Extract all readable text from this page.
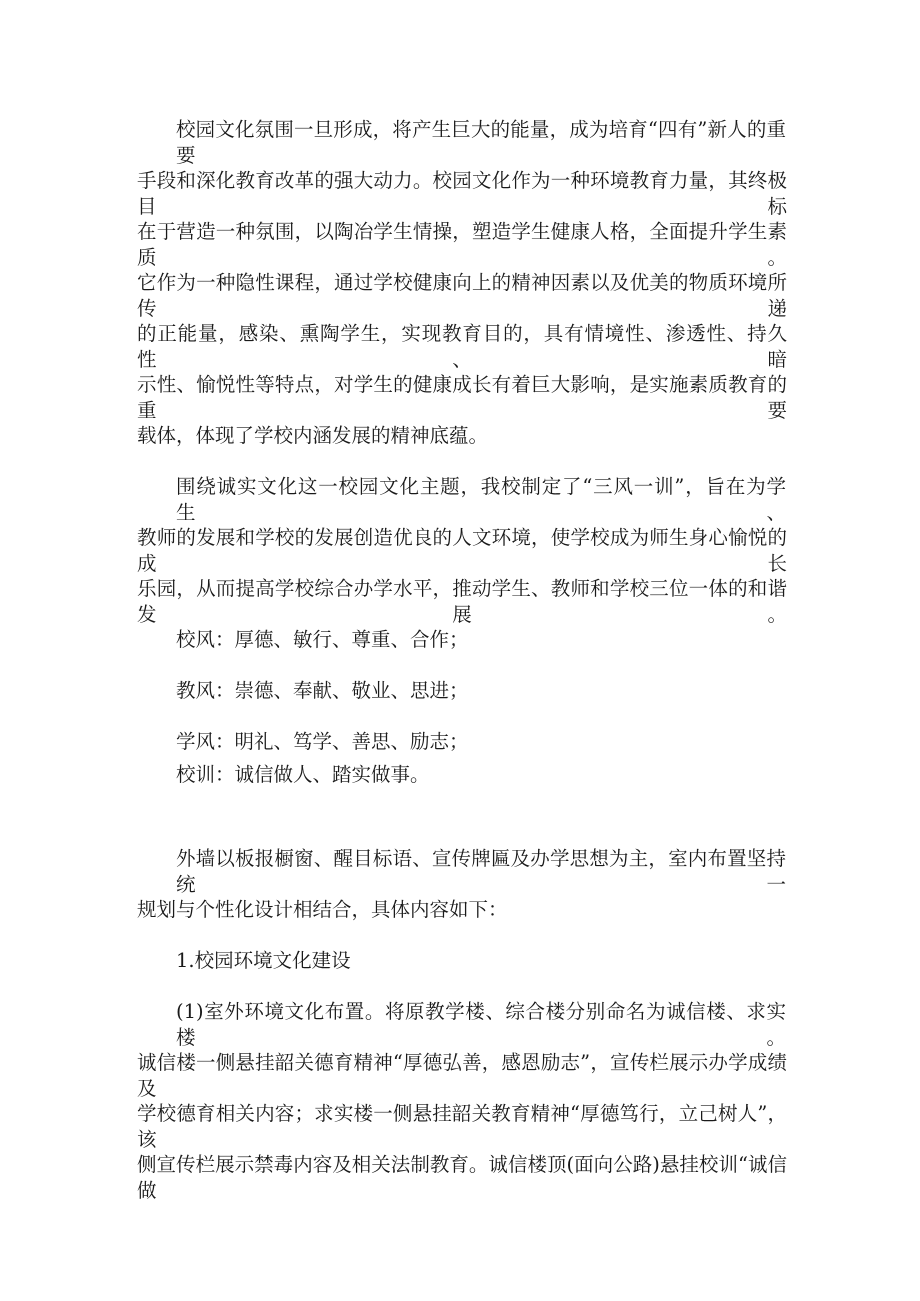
校园文化氛围一旦形成，将产生巨大的能量，成为培育“四有”新人的重要
手段和深化教育改革的强大动力。校园文化作为一种环境教育力量，其终极目标
在于营造一种氛围，以陶冶学生情操，塑造学生健康人格，全面提升学生素质。
它作为一种隐性课程，通过学校健康向上的精神因素以及优美的物质环境所传递
的正能量，感染、熏陶学生，实现教育目的，具有情境性、渗透性、持久性、暗
示性、愉悦性等特点，对学生的健康成长有着巨大影响，是实施素质教育的重要
载体，体现了学校内涵发展的精神底蕴。
围绕诚实文化这一校园文化主题，我校制定了“三风一训”，旨在为学生、
教师的发展和学校的发展创造优良的人文环境，使学校成为师生身心愉悦的成长
乐园，从而提高学校综合办学水平，推动学生、教师和学校三位一体的和谐发展。
校风：厚德、敏行、尊重、合作；
教风：崇德、奉献、敬业、思进；
学风：明礼、笃学、善思、励志；
校训：诚信做人、踏实做事。
外墙以板报橱窗、醒目标语、宣传牌匾及办学思想为主，室内布置坚持统一
规划与个性化设计相结合，具体内容如下：
1.校园环境文化建设
(1)室外环境文化布置。将原教学楼、综合楼分别命名为诚信楼、求实楼。
诚信楼一侧悬挂韶关德育精神“厚德弘善，感恩励志”，宣传栏展示办学成绩及
学校德育相关内容；求实楼一侧悬挂韶关教育精神“厚德笃行，立己树人”，该
侧宣传栏展示禁毒内容及相关法制教育。诚信楼顶(面向公路)悬挂校训“诚信做
